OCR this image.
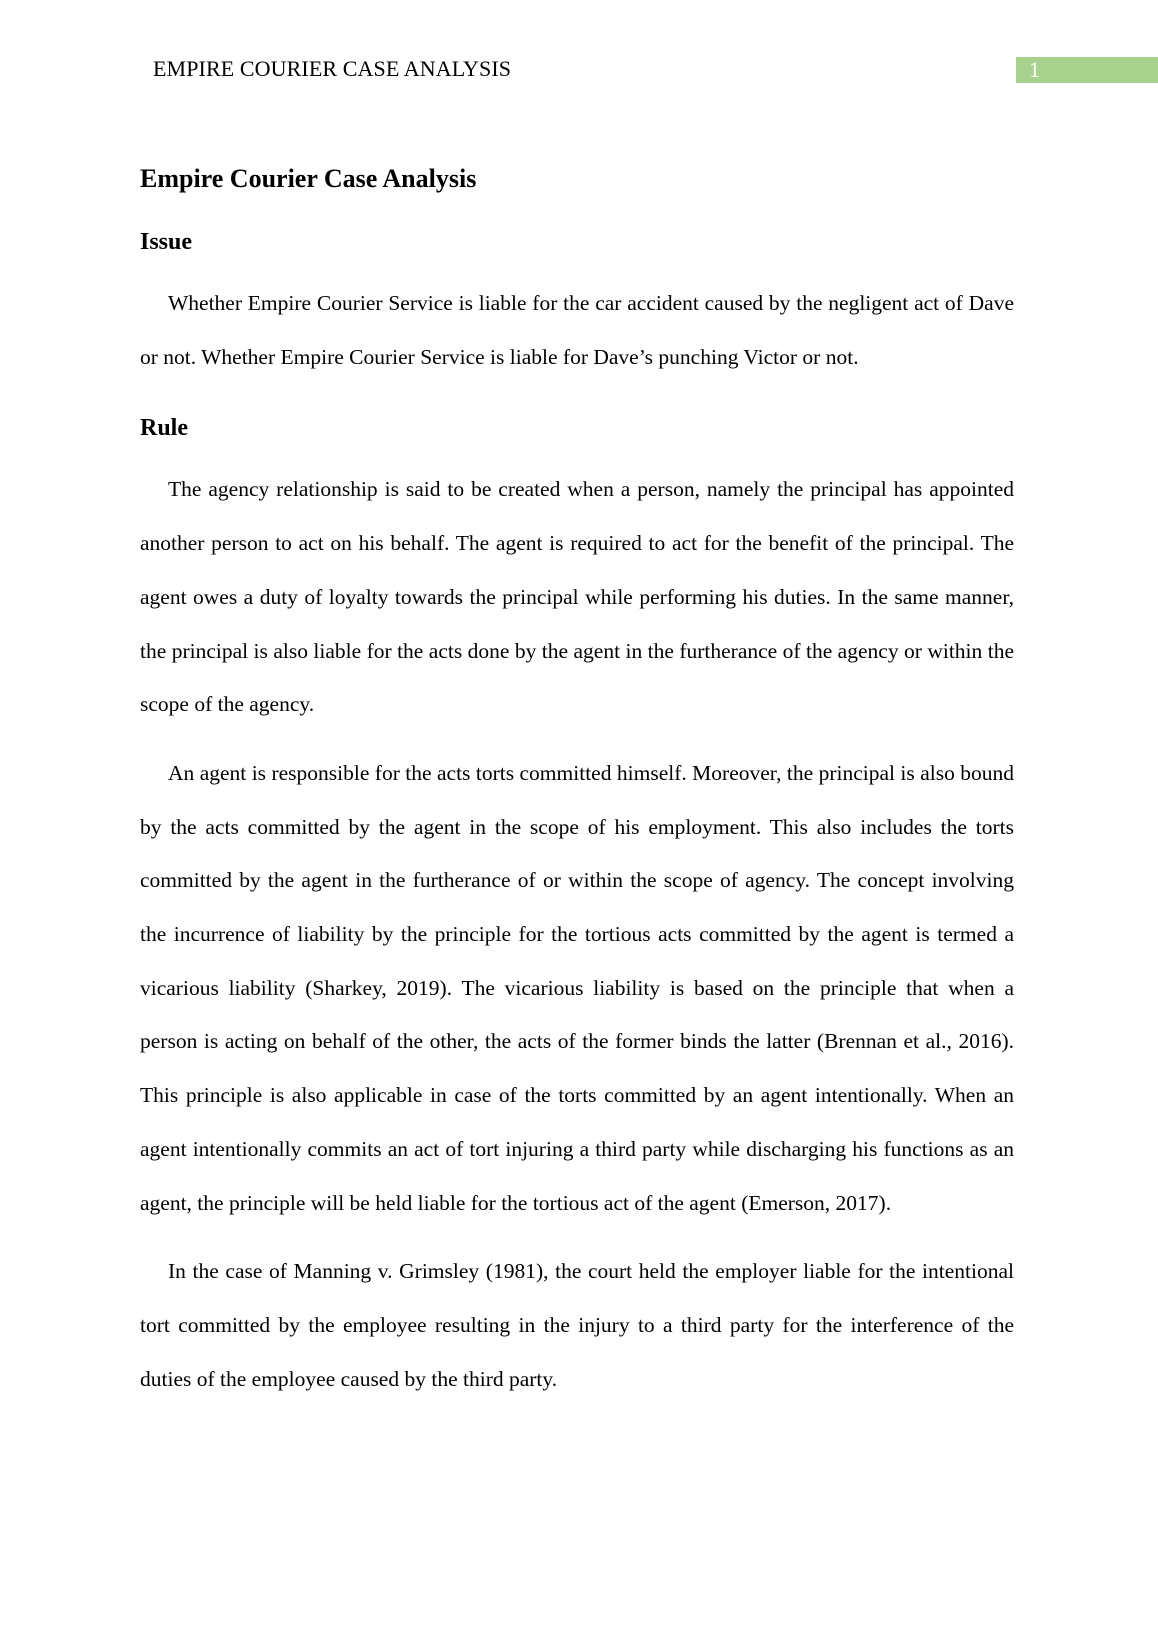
EMPIRE COURIER CASE ANALYSIS	1
Empire Courier Case Analysis
Issue

Whether Empire Courier Service is liable for the car accident caused by the negligent act of Dave or not. Whether Empire Courier Service is liable for Dave’s punching Victor or not.

Rule

The agency relationship is said to be created when a person, namely the principal has appointed another person to act on his behalf. The agent is required to act for the benefit of the principal. The agent owes a duty of loyalty towards the principal while performing his duties. In the same manner, the principal is also liable for the acts done by the agent in the furtherance of the agency or within the scope of the agency.

An agent is responsible for the acts torts committed himself. Moreover, the principal is also bound by the acts committed by the agent in the scope of his employment. This also includes the torts committed by the agent in the furtherance of or within the scope of agency. The concept involving the incurrence of liability by the principle for the tortious acts committed by the agent is termed a vicarious liability (Sharkey, 2019). The vicarious liability is based on the principle that when a person is acting on behalf of the other, the acts of the former binds the latter (Brennan et al., 2016). This principle is also applicable in case of the torts committed by an agent intentionally. When an agent intentionally commits an act of tort injuring a third party while discharging his functions as an agent, the principle will be held liable for the tortious act of the agent (Emerson, 2017).

In the case of Manning v. Grimsley (1981), the court held the employer liable for the intentional tort committed by the employee resulting in the injury to a third party for the interference of the duties of the employee caused by the third party.
